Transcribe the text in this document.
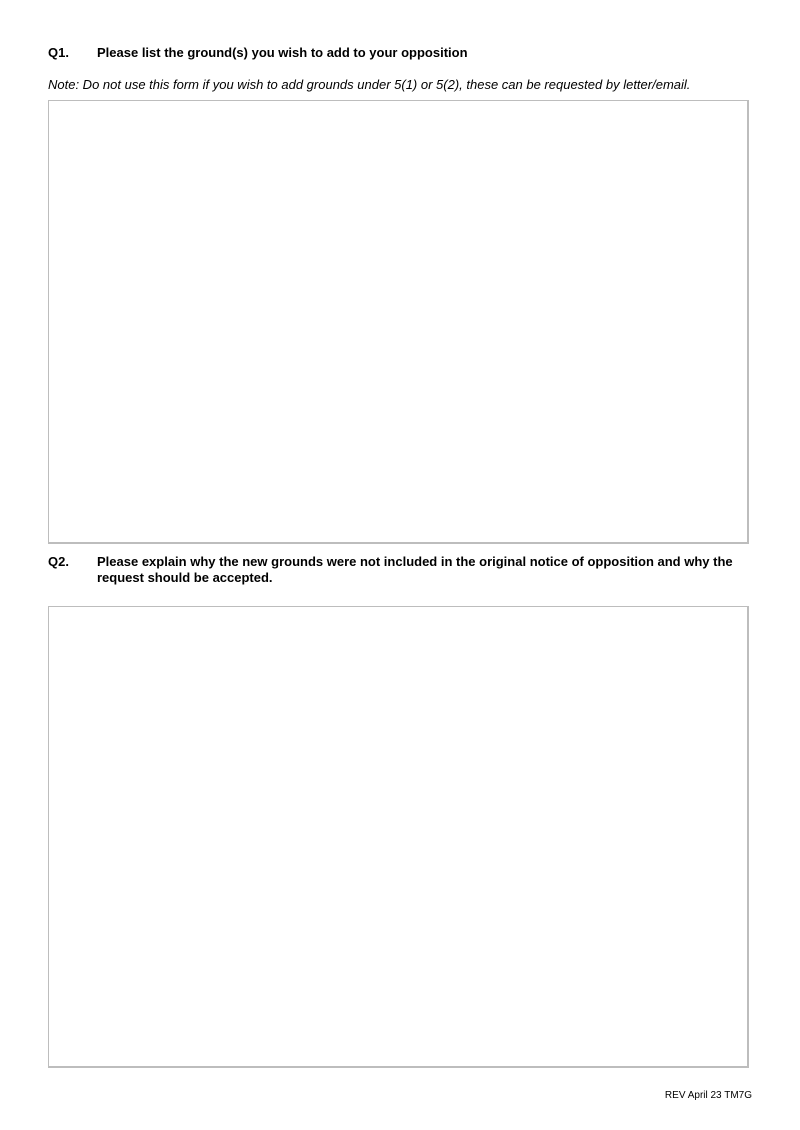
Q1.	Please list the ground(s) you wish to add to your opposition
Note: Do not use this form if you wish to add grounds under 5(1) or 5(2), these can be requested by letter/email.
Q2.	Please explain why the new grounds were not included in the original notice of opposition and why the request should be accepted.
REV April 23 TM7G
